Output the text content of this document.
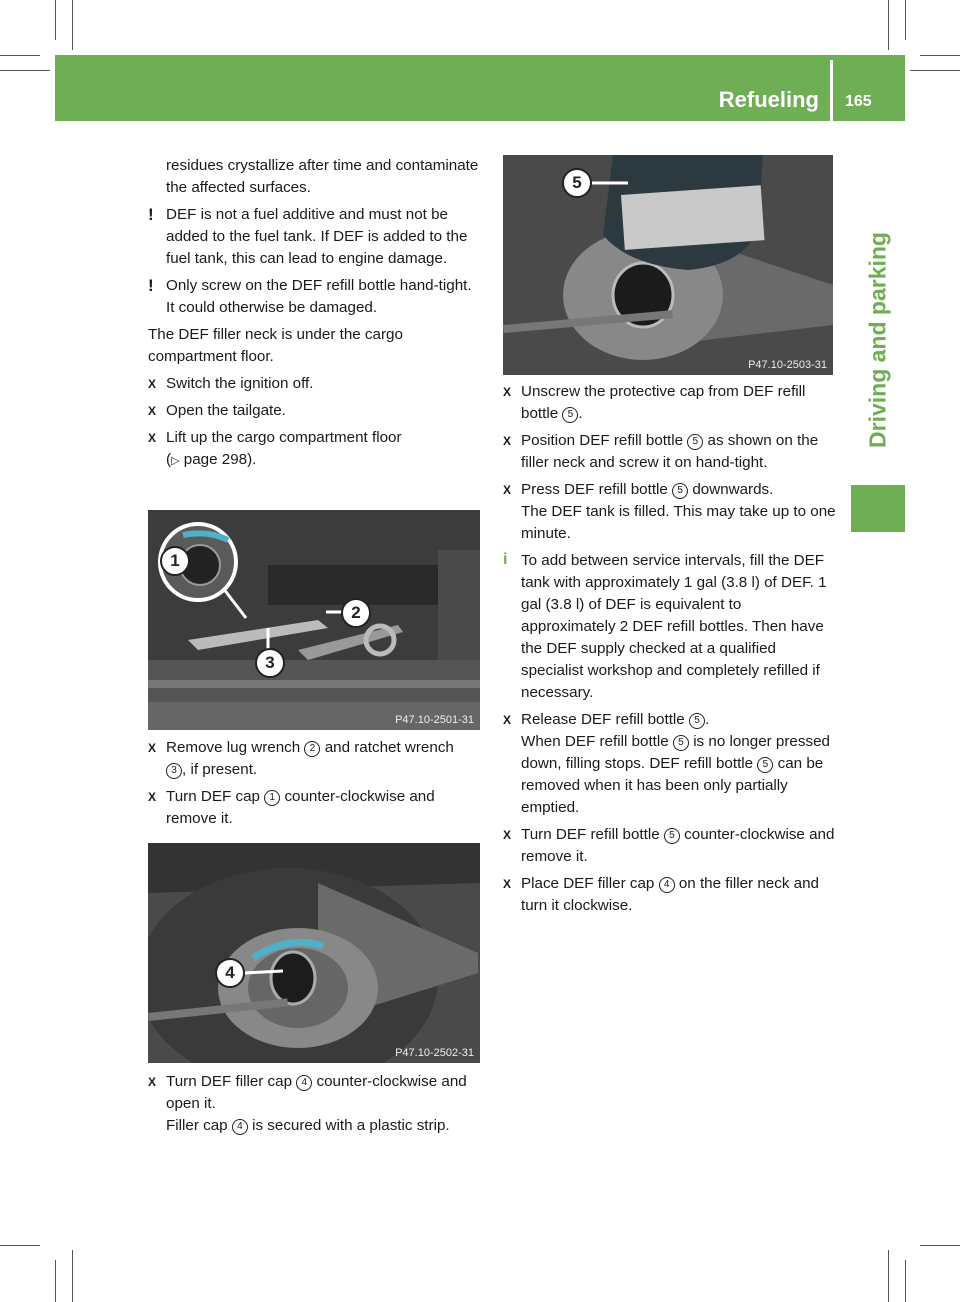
Refueling 165
Driving and parking

residues crystallize after time and contaminate the affected surfaces.

! DEF is not a fuel additive and must not be added to the fuel tank. If DEF is added to the fuel tank, this can lead to engine damage.
! Only screw on the DEF refill bottle hand-tight. It could otherwise be damaged.

The DEF filler neck is under the cargo compartment floor.

X Switch the ignition off.
X Open the tailgate.
X Lift up the cargo compartment floor
(▷ page 298).
1
2
3
P47.10-2501-31
X Remove lug wrench 2 and ratchet wrench
3 , if present.
X Turn DEF cap 1 counter-clockwise and remove it.
4
P47.10-2502-31
X Turn DEF filler cap 4 counter-clockwise and open it.
Filler cap 4 is secured with a plastic strip.
5
P47.10-2503-31
X Unscrew the protective cap from DEF refill bottle 5 .
X Position DEF refill bottle 5 as shown on the filler neck and screw it on hand-tight.
X Press DEF refill bottle 5 downwards.
The DEF tank is filled. This may take up to one minute.
i To add between service intervals, fill the DEF tank with approximately 1 gal (3.8 l) of DEF. 1 gal (3.8 l) of DEF is equivalent to approximately 2 DEF refill bottles. Then have the DEF supply checked at a qualified specialist workshop and completely refilled if necessary.
X Release DEF refill bottle 5 .
When DEF refill bottle 5 is no longer pressed down, filling stops. DEF refill bottle 5 can be removed when it has been only partially emptied.
X Turn DEF refill bottle 5 counter-clockwise and remove it.
X Place DEF filler cap 4 on the filler neck and turn it clockwise.
